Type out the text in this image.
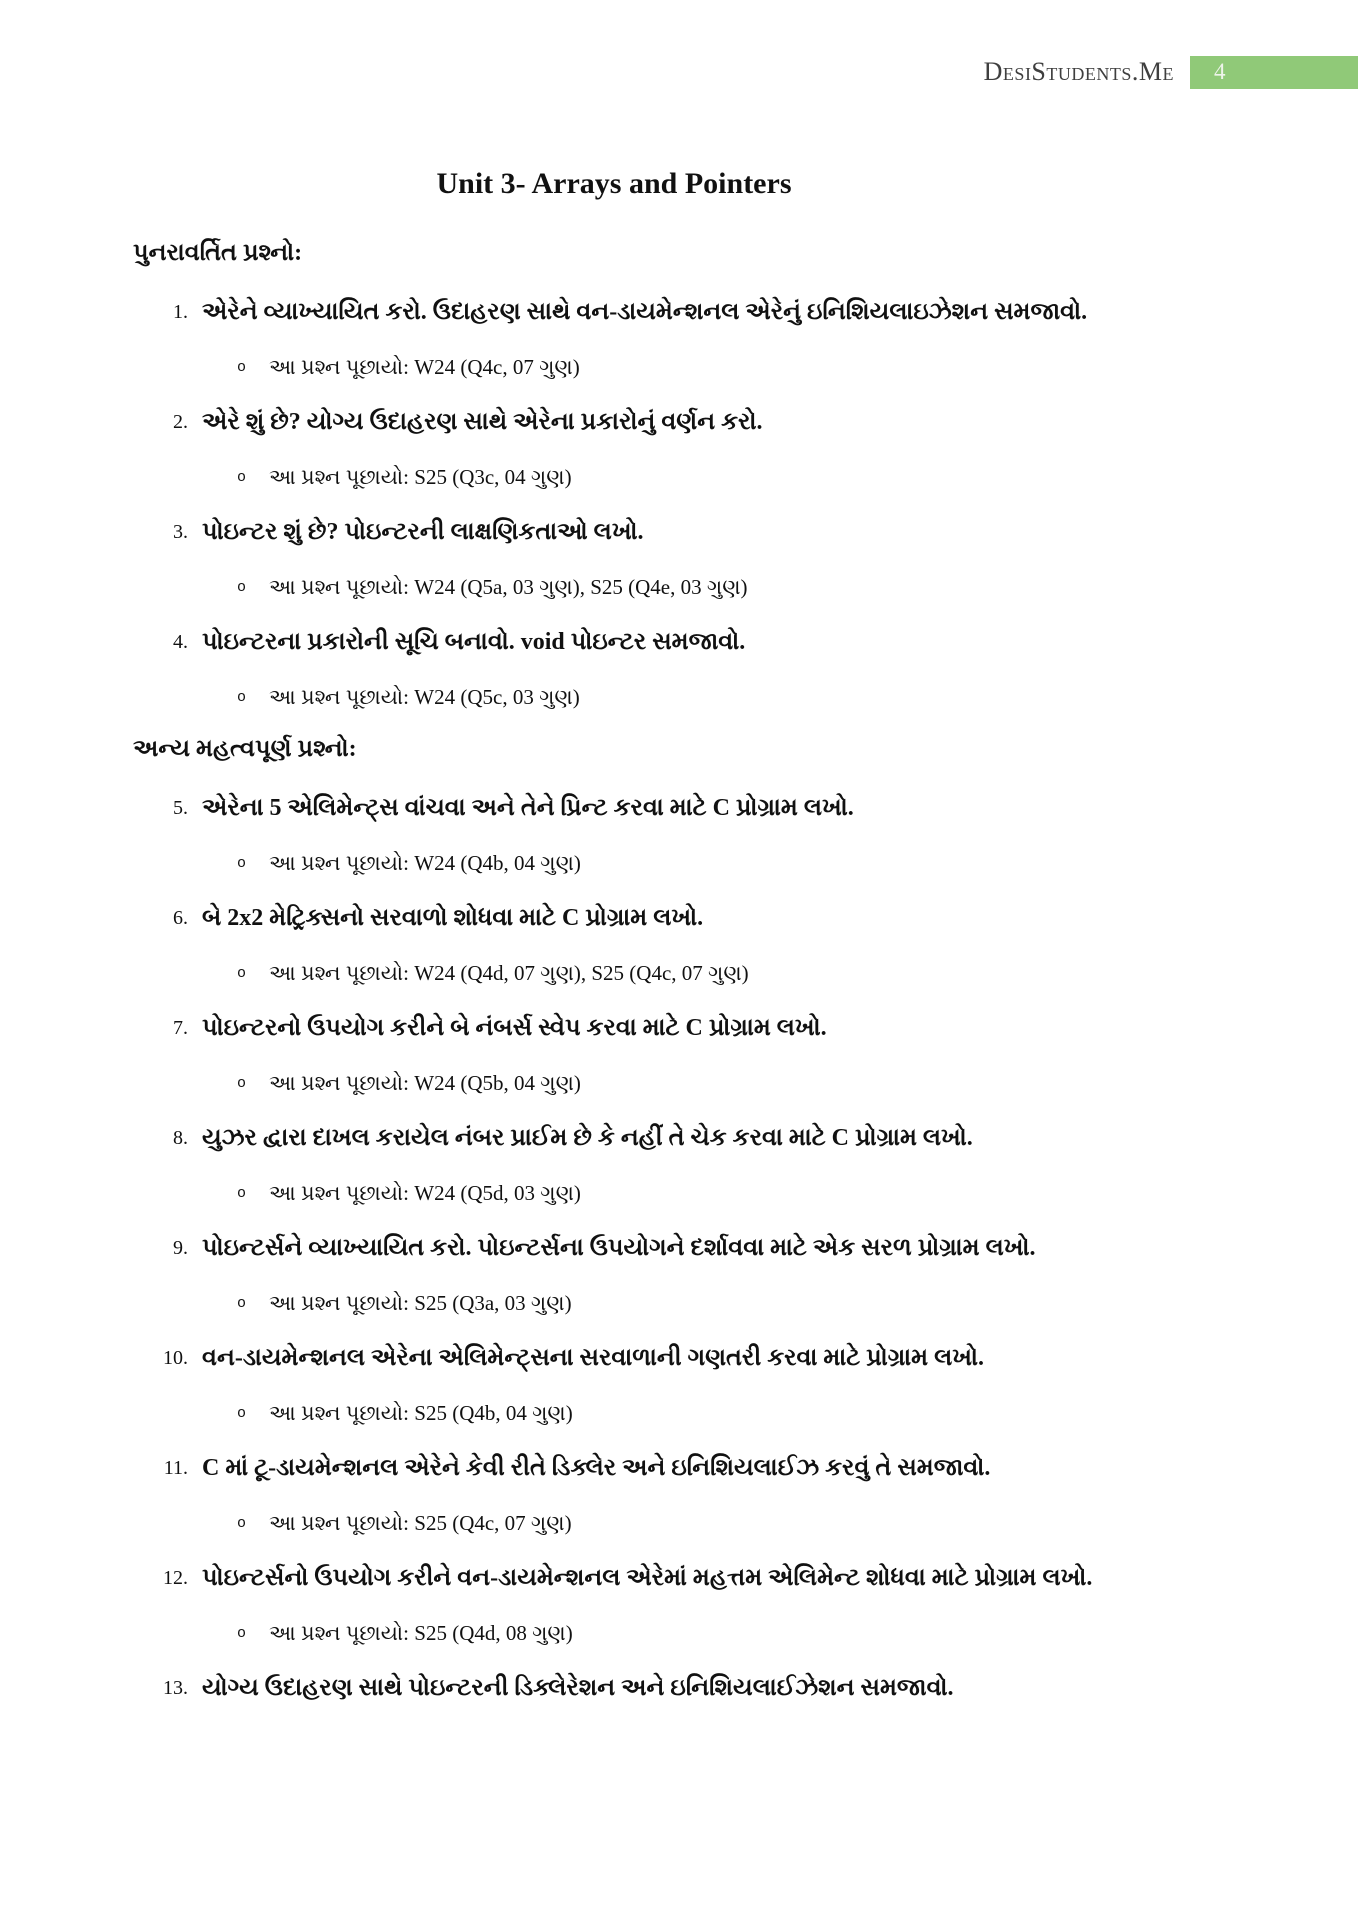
DesiStudents.Me 4
Unit 3- Arrays and Pointers
પુનરાવર્તિત પ્રશ્નો:
1. એરેને વ્યાખ્યાયિત કરો. ઉદાહરણ સાથે વન-ડાયમેન્શનલ એરેનું ઇનિશિયલાઇઝેશન સમજાવો.
o આ પ્રશ્ન પૂછાયો: W24 (Q4c, 07 ગુણ)
2. એરે શું છે? યોગ્ય ઉદાહરણ સાથે એરેના પ્રકારોનું વર્ણન કરો.
o આ પ્રશ્ન પૂછાયો: S25 (Q3c, 04 ગુણ)
3. પોઇન્ટર શું છે? પોઇન્ટરની લાક્ષણિકતાઓ લખો.
o આ પ્રશ્ન પૂછાયો: W24 (Q5a, 03 ગુણ), S25 (Q4e, 03 ગુણ)
4. પોઇન્ટરના પ્રકારોની સૂચિ બનાવો. void પોઇન્ટર સમજાવો.
o આ પ્રશ્ન પૂછાયો: W24 (Q5c, 03 ગુણ)
અન્ય મહત્વપૂર્ણ પ્રશ્નો:
5. એરેના 5 એલિમેન્ટ્સ વાંચવા અને તેને પ્રિન્ટ કરવા માટે C પ્રોગ્રામ લખો.
o આ પ્રશ્ન પૂછાયો: W24 (Q4b, 04 ગુણ)
6. બે 2x2 મેટ્રિક્સનો સરવાળો શોધવા માટે C પ્રોગ્રામ લખો.
o આ પ્રશ્ન પૂછાયો: W24 (Q4d, 07 ગુણ), S25 (Q4c, 07 ગુણ)
7. પોઇન્ટરનો ઉપયોગ કરીને બે નંબર્સ સ્વેપ કરવા માટે C પ્રોગ્રામ લખો.
o આ પ્રશ્ન પૂછાયો: W24 (Q5b, 04 ગુણ)
8. યુઝર દ્વારા દાખલ કરાયેલ નંબર પ્રાઈમ છે કે નહીં તે ચેક કરવા માટે C પ્રોગ્રામ લખો.
o આ પ્રશ્ન પૂછાયો: W24 (Q5d, 03 ગુણ)
9. પોઇન્ટર્સને વ્યાખ્યાયિત કરો. પોઇન્ટર્સના ઉપયોગને દર્શાવવા માટે એક સરળ પ્રોગ્રામ લખો.
o આ પ્રશ્ન પૂછાયો: S25 (Q3a, 03 ગુણ)
10. વન-ડાયમેન્શનલ એરેના એલિમેન્ટ્સના સરવાળાની ગણતરી કરવા માટે પ્રોગ્રામ લખો.
o આ પ્રશ્ન પૂછાયો: S25 (Q4b, 04 ગુણ)
11. C માં ટૂ-ડાયમેન્શનલ એરેને કેવી રીતે ડિક્લેર અને ઇનિશિયલાઈઝ કરવું તે સમજાવો.
o આ પ્રશ્ન પૂછાયો: S25 (Q4c, 07 ગુણ)
12. પોઇન્ટર્સનો ઉપયોગ કરીને વન-ડાયમેન્શનલ એરેમાં મહત્તમ એલિમેન્ટ શોધવા માટે પ્રોગ્રામ લખો.
o આ પ્રશ્ન પૂછાયો: S25 (Q4d, 08 ગુણ)
13. યોગ્ય ઉદાહરણ સાથે પોઇન્ટરની ડિક્લેરેશન અને ઇનિશિયલાઈઝેશન સમજાવો.
